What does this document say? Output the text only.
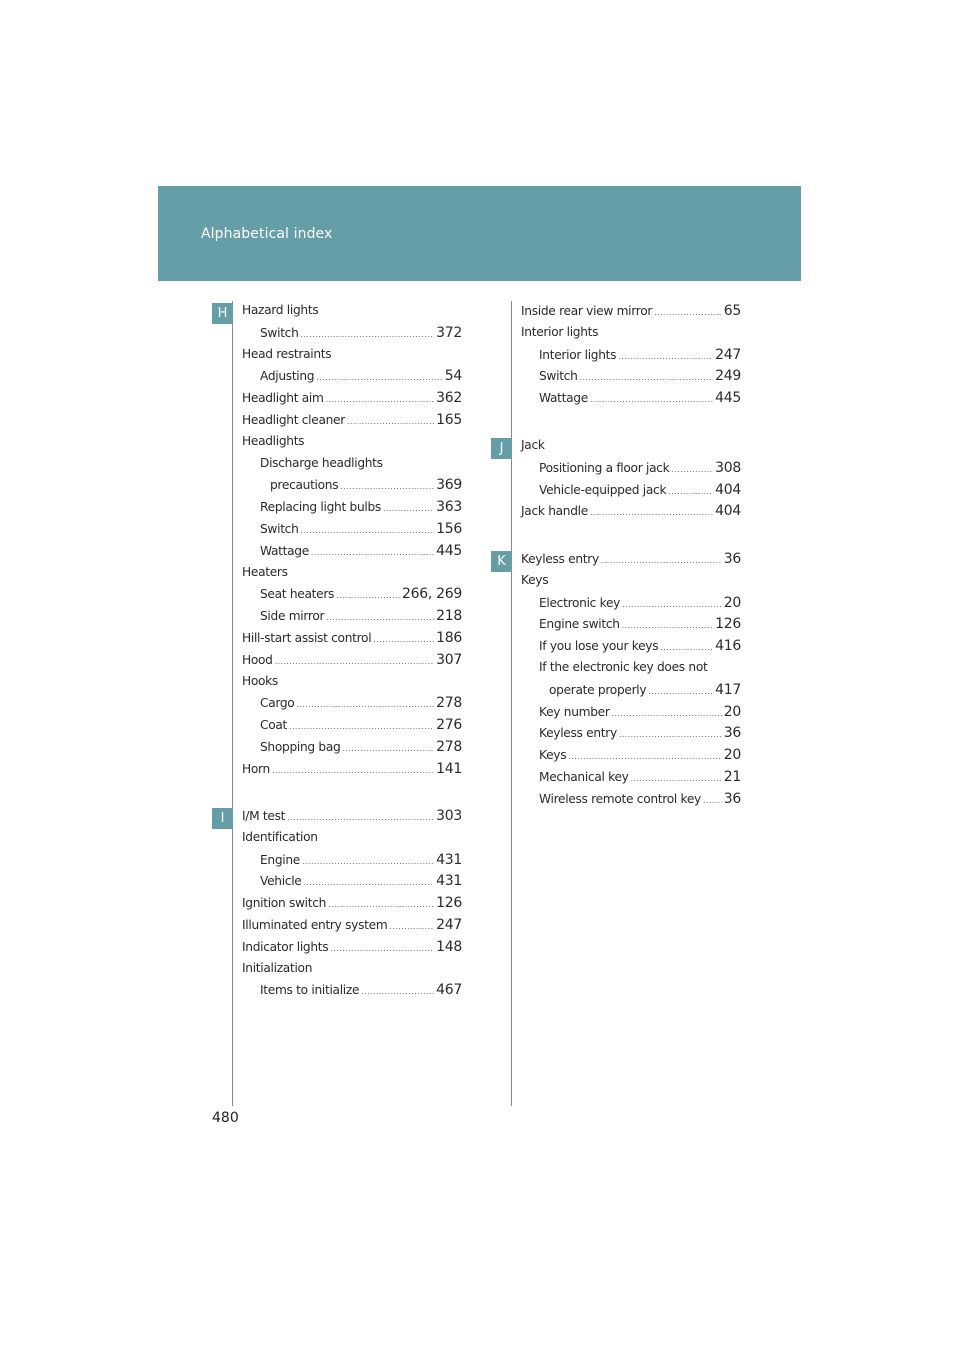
Alphabetical index
H
I
J
K
Hazard lights
Switch .....	372
Head restraints
Adjusting .....	54
Headlight aim .....	362
Headlight cleaner .....	165
Headlights
Discharge headlights
precautions .....	369
Replacing light bulbs .....	363
Switch .....	156
Wattage .....	445
Heaters
Seat heaters .....	266, 269
Side mirror .....	218
Hill-start assist control .....	186
Hood .....	307
Hooks
Cargo .....	278
Coat .....	276
Shopping bag .....	278
Horn .....	141
I/M test .....	303
Identification
Engine .....	431
Vehicle .....	431
Ignition switch .....	126
Illuminated entry system .....	247
Indicator lights .....	148
Initialization
Items to initialize .....	467
Inside rear view mirror .....	65
Interior lights
Interior lights .....	247
Switch .....	249
Wattage .....	445
Jack
Positioning a floor jack .....	308
Vehicle-equipped jack .....	404
Jack handle .....	404
Keyless entry .....	36
Keys
Electronic key .....	20
Engine switch .....	126
If you lose your keys .....	416
If the electronic key does not
operate properly .....	417
Key number .....	20
Keyless entry .....	36
Keys .....	20
Mechanical key .....	21
Wireless remote control key ..... 36
480
